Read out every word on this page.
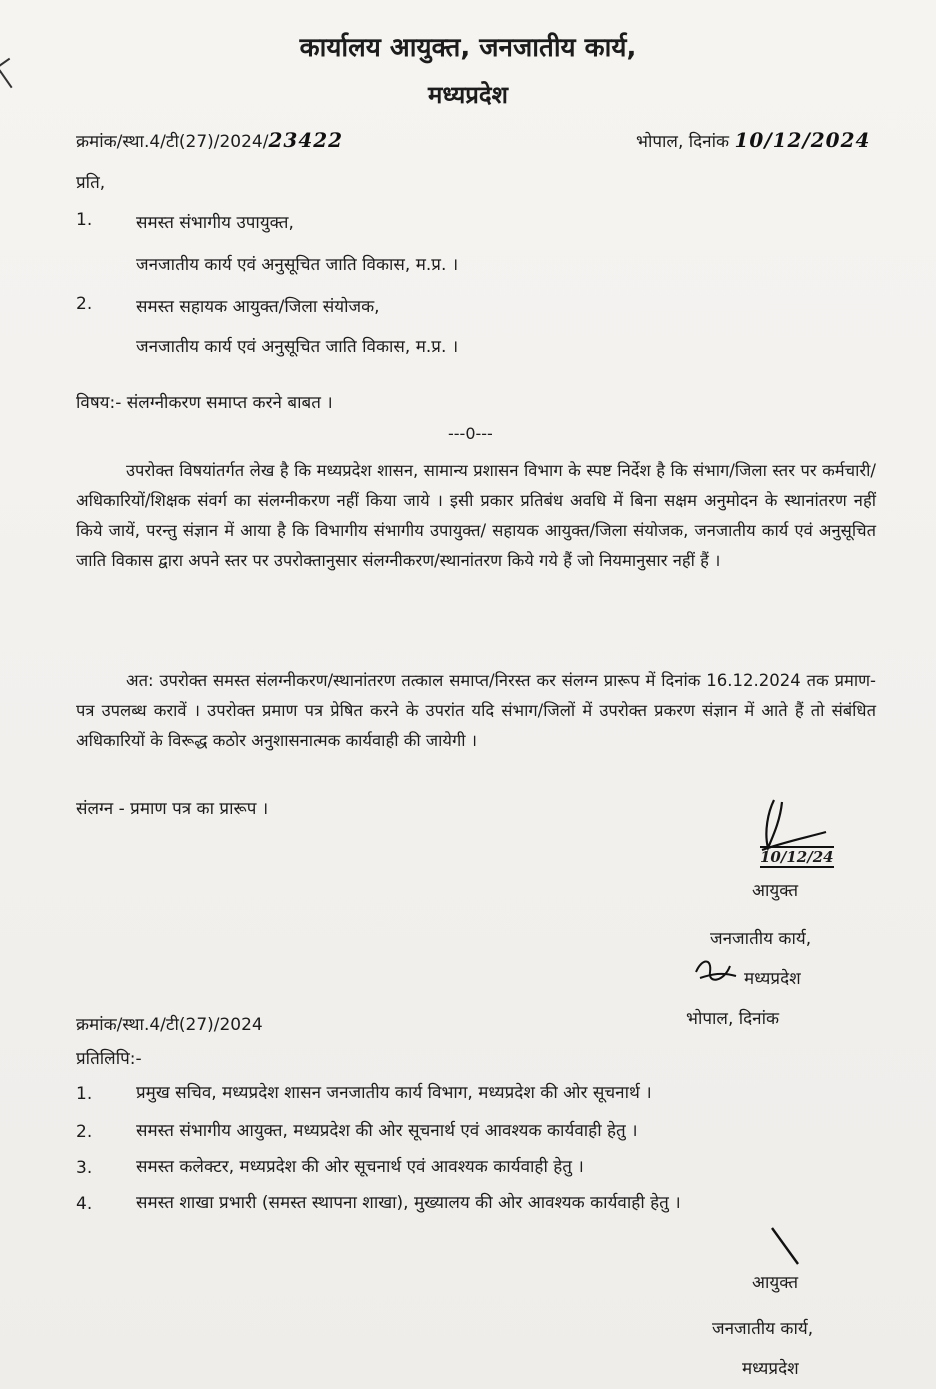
कार्यालय आयुक्त, जनजातीय कार्य,
मध्यप्रदेश
क्रमांक/स्था.4/टी(27)/2024/23422	भोपाल, दिनांक 10/12/2024
प्रति,
1.	समस्त संभागीय उपायुक्त,
जनजातीय कार्य एवं अनुसूचित जाति विकास, म.प्र. ।
2.	समस्त सहायक आयुक्त/जिला संयोजक,
जनजातीय कार्य एवं अनुसूचित जाति विकास, म.प्र. ।
विषय:- संलग्नीकरण समाप्त करने बाबत ।
---0---
उपरोक्त विषयांतर्गत लेख है कि मध्यप्रदेश शासन, सामान्य प्रशासन विभाग के स्पष्ट निर्देश है कि संभाग/जिला स्तर पर कर्मचारी/अधिकारियों/शिक्षक संवर्ग का संलग्नीकरण नहीं किया जाये । इसी प्रकार प्रतिबंध अवधि में बिना सक्षम अनुमोदन के स्थानांतरण नहीं किये जायें, परन्तु संज्ञान में आया है कि विभागीय संभागीय उपायुक्त/ सहायक आयुक्त/जिला संयोजक, जनजातीय कार्य एवं अनुसूचित जाति विकास द्वारा अपने स्तर पर उपरोक्तानुसार संलग्नीकरण/स्थानांतरण किये गये हैं जो नियमानुसार नहीं हैं ।
अत: उपरोक्त समस्त संलग्नीकरण/स्थानांतरण तत्काल समाप्त/निरस्त कर संलग्न प्रारूप में दिनांक 16.12.2024 तक प्रमाण-पत्र उपलब्ध करावें । उपरोक्त प्रमाण पत्र प्रेषित करने के उपरांत यदि संभाग/जिलों में उपरोक्त प्रकरण संज्ञान में आते हैं तो संबंधित अधिकारियों के विरूद्ध कठोर अनुशासनात्मक कार्यवाही की जायेगी ।
संलग्न - प्रमाण पत्र का प्रारूप ।
10/12/24
आयुक्त
जनजातीय कार्य,
मध्यप्रदेश
क्रमांक/स्था.4/टी(27)/2024	भोपाल, दिनांक
प्रतिलिपि:-
1.	प्रमुख सचिव, मध्यप्रदेश शासन जनजातीय कार्य विभाग, मध्यप्रदेश की ओर सूचनार्थ ।
2.	समस्त संभागीय आयुक्त, मध्यप्रदेश की ओर सूचनार्थ एवं आवश्यक कार्यवाही हेतु ।
3.	समस्त कलेक्टर, मध्यप्रदेश की ओर सूचनार्थ एवं आवश्यक कार्यवाही हेतु ।
4.	समस्त शाखा प्रभारी (समस्त स्थापना शाखा), मुख्यालय की ओर आवश्यक कार्यवाही हेतु ।
आयुक्त
जनजातीय कार्य,
मध्यप्रदेश
